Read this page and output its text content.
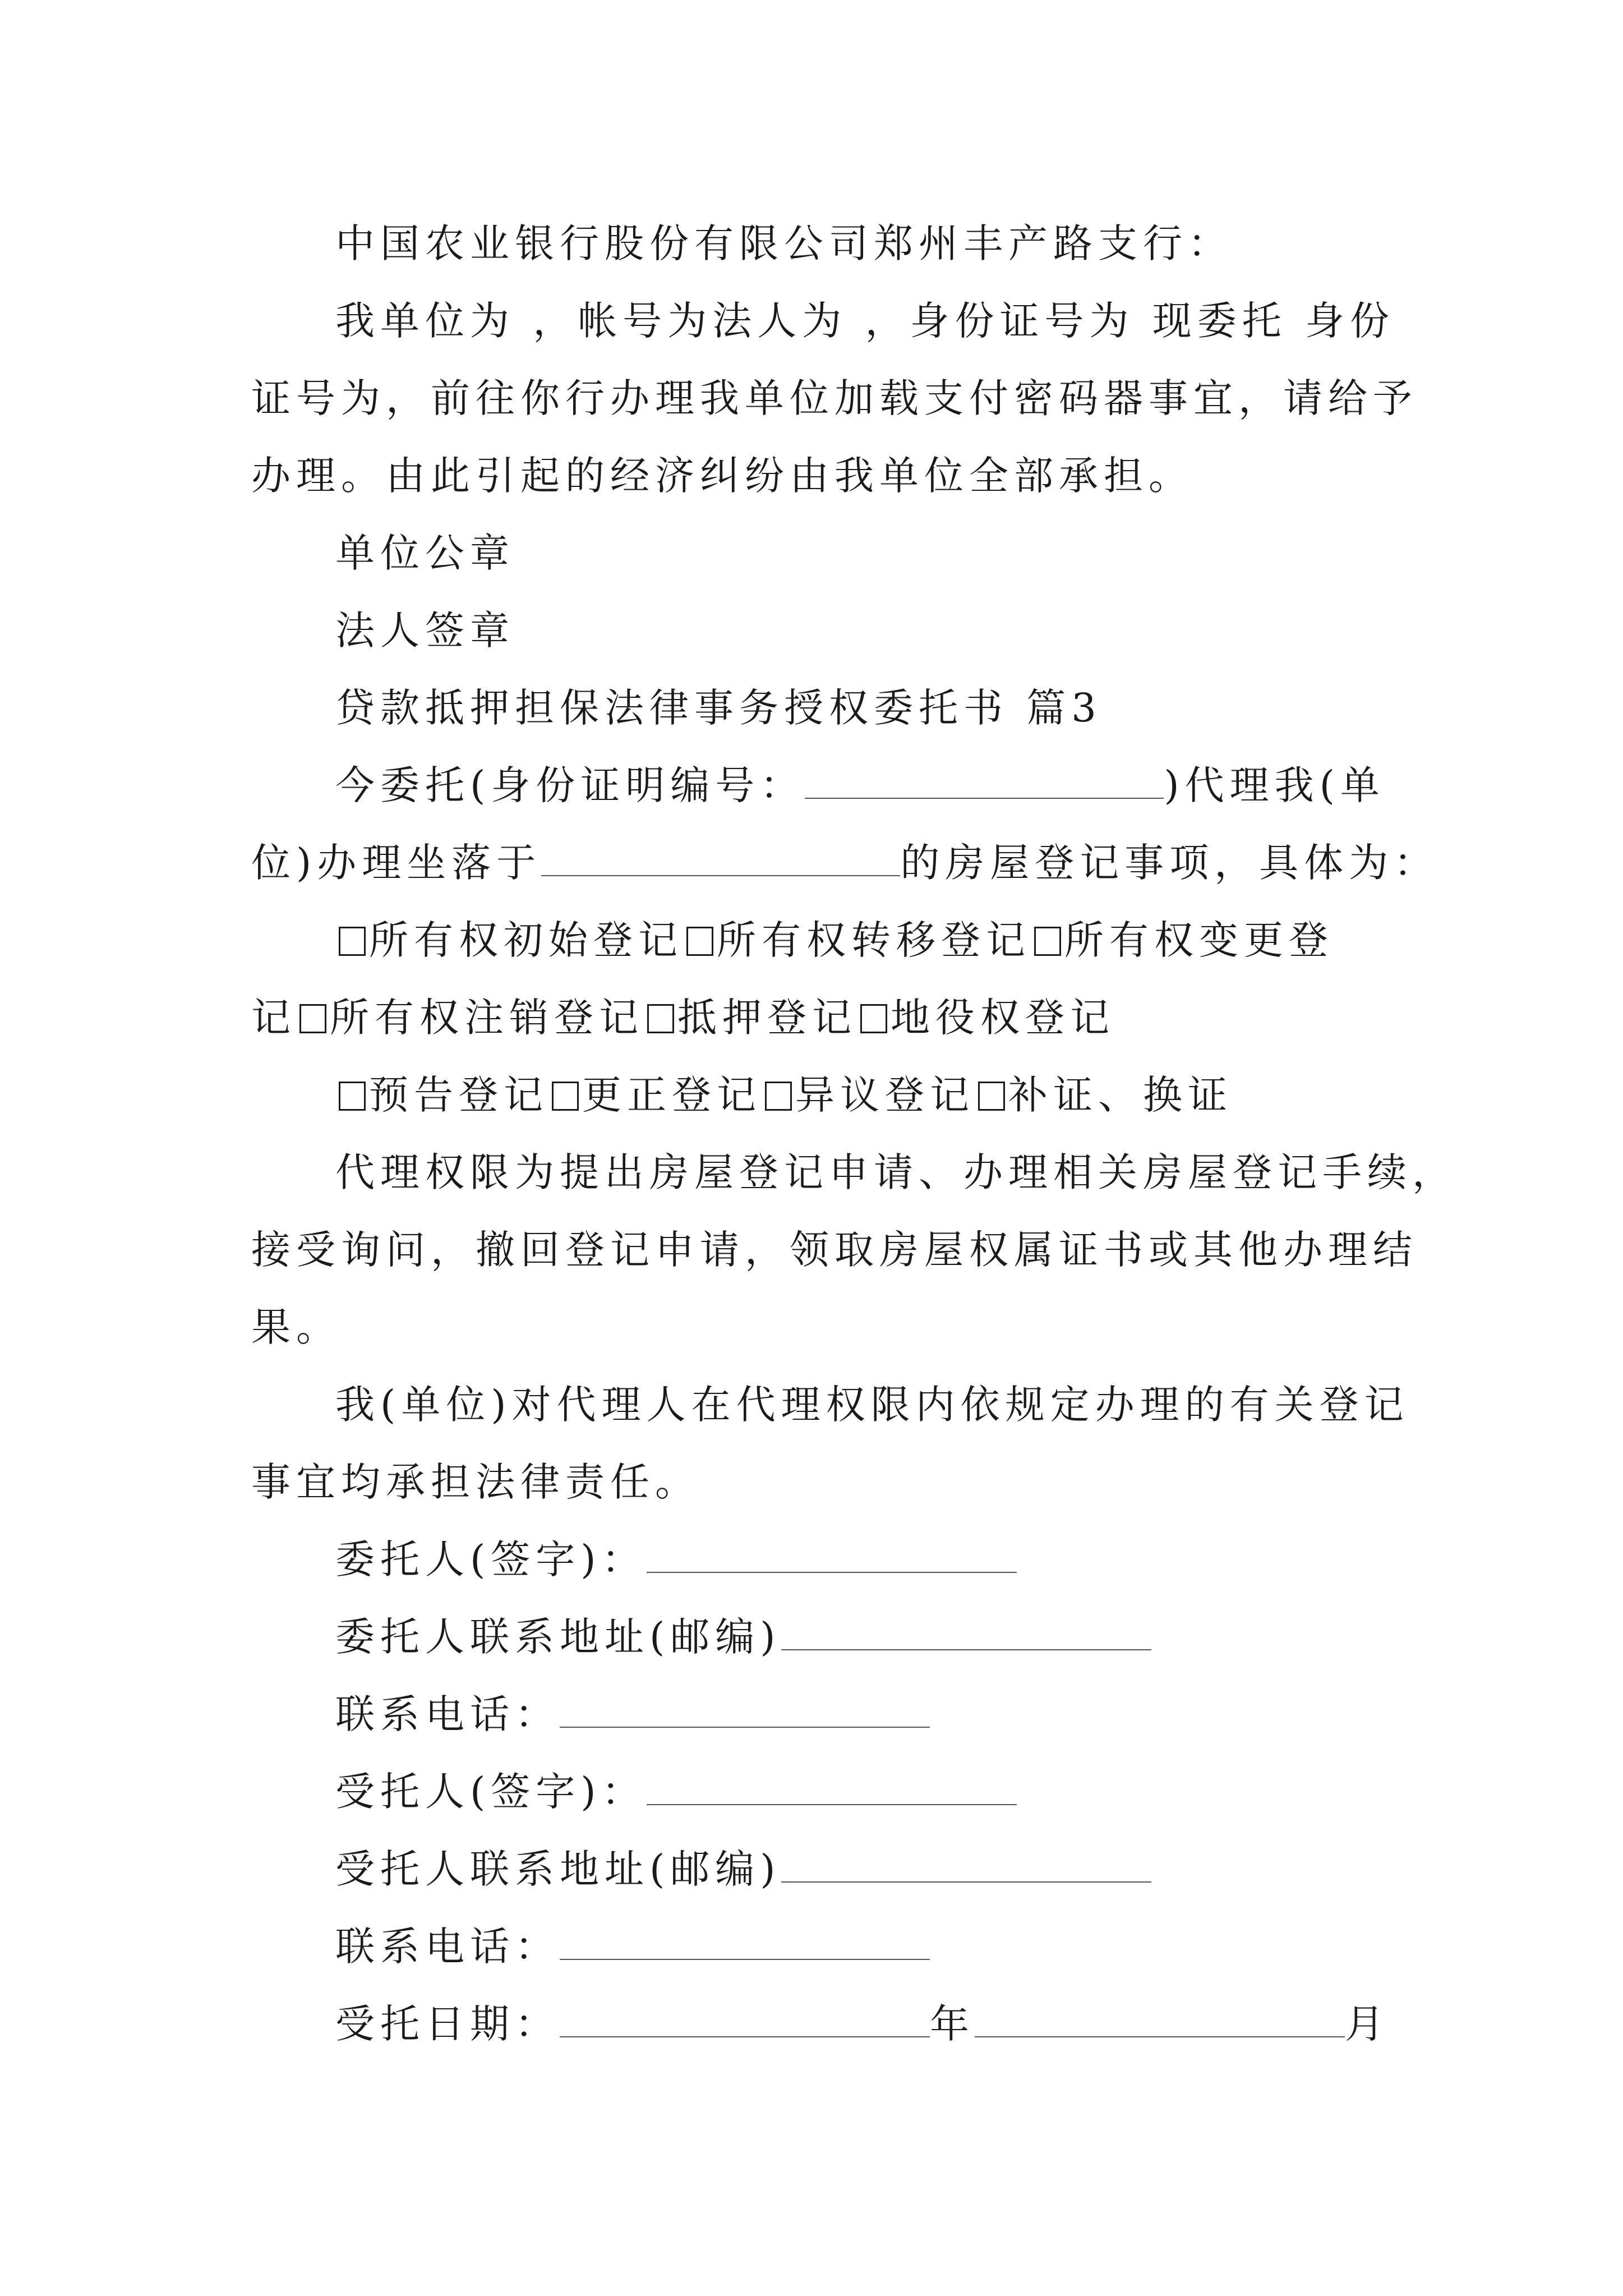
中国农业银行股份有限公司郑州丰产路支行：

我单位为 ，帐号为法人为 ，身份证号为 现委托 身份

证号为，前往你行办理我单位加载支付密码器事宜，请给予

办理。由此引起的经济纠纷由我单位全部承担。

单位公章

法人签章

贷款抵押担保法律事务授权委托书 篇3

今委托(身份证明编号：	)代理我(单

位)办理坐落于	的房屋登记事项，具体为：

所有权初始登记 所有权转移登记 所有权变更登

记 所有权注销登记 抵押登记 地役权登记

预告登记 更正登记 异议登记 补证、换证

代理权限为提出房屋登记申请、办理相关房屋登记手续，

接受询问，撤回登记申请，领取房屋权属证书或其他办理结

果。

我(单位)对代理人在代理权限内依规定办理的有关登记

事宜均承担法律责任。

委托人(签字)：

委托人联系地址(邮编)

联系电话：

受托人(签字)：

受托人联系地址(邮编)

联系电话：

受托日期：	年	月
